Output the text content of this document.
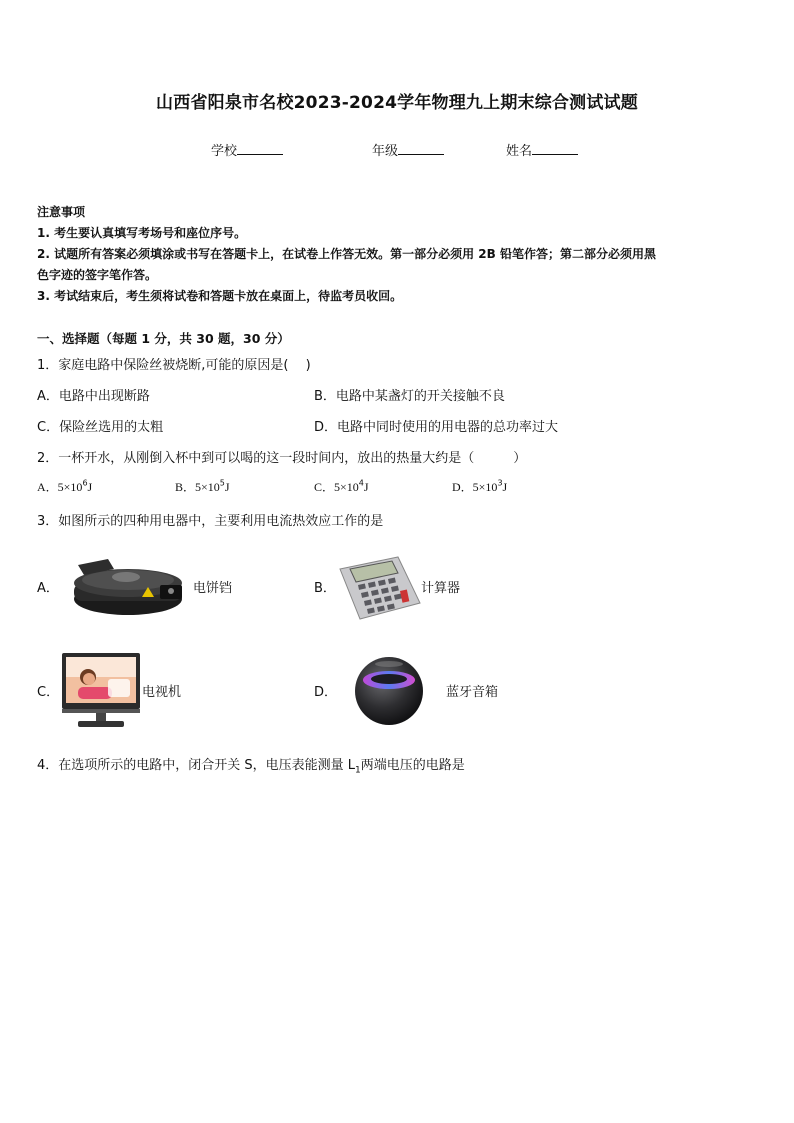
山西省阳泉市名校2023-2024学年物理九上期末综合测试试题
学校	年级	姓名
注意事项
1. 考生要认真填写考场号和座位序号。
2. 试题所有答案必须填涂或书写在答题卡上，在试卷上作答无效。第一部分必须用 2B 铅笔作答；第二部分必须用黑
色字迹的签字笔作答。
3. 考试结束后，考生须将试卷和答题卡放在桌面上，待监考员收回。
一、选择题（每题 1 分，共 30 题，30 分）
1．家庭电路中保险丝被烧断,可能的原因是(　 )
A．电路中出现断路	B．电路中某盏灯的开关接触不良
C．保险丝选用的太粗	D．电路中同时使用的用电器的总功率过大
2．一杯开水，从刚倒入杯中到可以喝的这一段时间内，放出的热量大约是（　　　）
A．$5\times 10^6J$	B．$5\times 10^5J$	C．$5\times 10^4J$	D．$5\times 10^3J$
3．如图所示的四种用电器中，主要利用电流热效应工作的是
A．	电饼铛	B．	计算器
C．	电视机	D．	蓝牙音箱
4．在选项所示的电路中，闭合开关 S，电压表能测量 $L_1$两端电压的电路是
